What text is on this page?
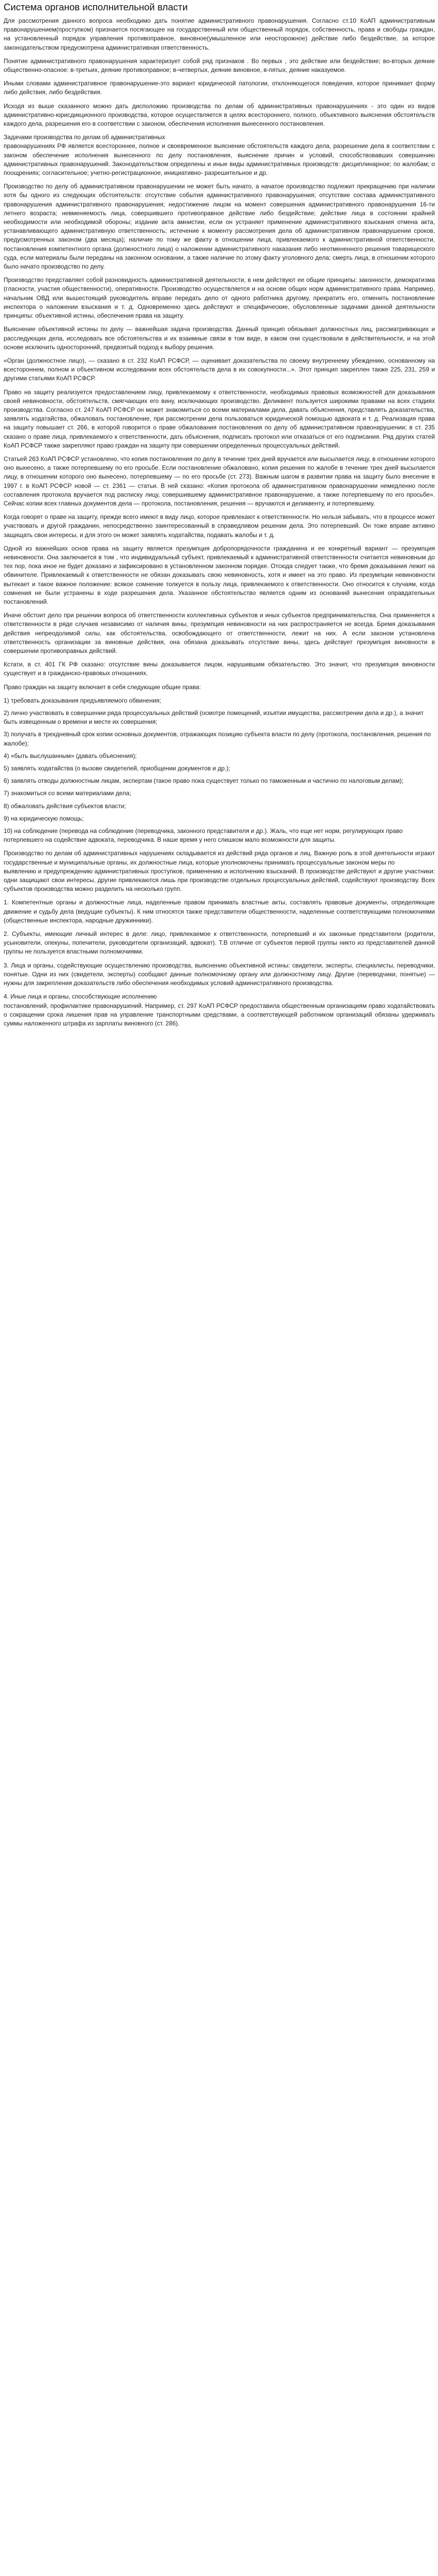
Система органов исполнительной власти

Для рассмотрения данного вопроса необходимо дать понятие административного правонарушения. Согласно ст.10 КоАП административным правонарушением(проступком) признается посягающее на государственный или общественный порядок, собственность, права и свободы граждан, на установленный порядок управления противоправное, виновное(умышленное или неосторожное) действие либо бездействие, за которое законодательством предусмотрена административная ответственность.

Понятие административного правонарушения характеризует собой ряд признаков . Во первых , это действие или бездействие; во-вторых деяние общественно-опасное: в-третьих, деяние противоправное; в-четвертых, деяние виновное, в-пятых, деяние наказуемое.

Иными словами административное правонарушение-это вариант юридической патологии, отклоняющегося поведения, которое принимает форму либо действия, либо бездействия.

Исходя из выше сказанного можно дать дисположию производства по делам об административных правонарушениях - это один из видов административно-юрисдикционного производства, которое осуществляется в целях всестороннего, полного, объективного выяснения обстоятельств каждого дела, разрешения его в соответствии с законом, обеспечения исполнения вынесенного постановления.

Задачами производства по делам об административных
правонарушениях РФ является всестороннее, полное и своевременное выяснение обстоятельств каждого дела, разрешение дела в соответствии с законом обеспечение исполнения вынесенного по делу постановления, выяснение причин и условий, способствовавших совершению административных правонарушений. Законодательством определены и иные виды административных производств: дисциплинарное; по жалобам; о поощрениях; согласительное; учетно-регистрационное, инициативно- разрешительное и др.

Производство по делу об административном правонарушении не может быть начато, а начатое производство подлежит прекращению при наличии хотя бы одного из следующих обстоятельств: отсутствие события административного правонарушения; отсутствие состава административного правонарушения административного правонарушения; недостижение лицом на момент совершения административного правонарушения 16-ти летнего возраста; невменяемость лица, совершившего противоправное действие либо бездействие; действие лица в состоянии крайней необходимости или необходимой обороны; издание акта амнистии, если он устраняет применение административного взыскания отмена акта, устанавливающего административную ответственность; истечение к моменту рассмотрения дела об административном правонарушении сроков, предусмотренных законом (два месяца); наличие по тому же факту в отношении лица, привлекаемого к административной ответственности, постановления компетентного органа (должностного лица) о наложении административного наказания либо неотмененного решения товарищеского суда, если материалы были переданы на законном основании, а также наличие по этому факту уголовного дела; смерть лица, в отношении которого было начато производство по делу.

Производство представляет собой разновидность административной деятельности, в нем действуют ее общие принципы: законности, демократизма (гласности, участия общественности), оперативности. Производство осуществляется и на основе общих норм административного права. Например, начальник ОВД или вышестоящий руководитель вправе передать дело от одного работника другому, прекратить его, отменить постановление инспектора о наложении взыскания и т. д. Одновременно здесь действуют и специфические, обусловленные задачами данной деятельности принципы: объективной истины, обеспечения права на защиту.

Выяснение объективной истины по делу — важнейшая задача производства. Данный принцип обязывает должностных лиц, рассматривающих и расследующих дела, исследовать все обстоятельства и их взаимные связи в том виде, в каком они существовали в действительности, и на этой основе исключить односторонний, предвзятый подход к выбору решения.

«Орган (должностное лицо), — сказано в ст. 232 КоАП РСФСР, — оценивает доказательства по своему внутреннему убеждению, основанному на всестороннем, полном и объективном исследовании всех обстоятельств дела в их совокупности...». Этот принцип закреплен также 225, 231, 259 и другими статьями КоАП РСФСР.

Право на защиту реализуется предоставлением лицу, привлекаемому к ответственности, необходимых правовых возможностей для доказывания своей невиновности, обстоятельств, смягчающих его вину, исключающих производство. Деликвент пользуется широкими правами на всех стадиях производства. Согласно ст. 247 КоАП РСФСР он может знакомиться со всеми материалами дела, давать объяснения, представлять доказательства, заявлять ходатайства, обжаловать постановление, при рассмотрении дела пользоваться юридической помощью адвоката и т. д. Реализация права на защиту повышает ст. 266, в которой говорится о праве обжалования постановления по делу об административном правонарушении; в ст. 235 сказано о праве лица, привлекаемого к ответственности, дать объяснения, подписать протокол или отказаться от его подписания. Ряд других статей КоАП РСФСР также закрепляют право граждан на защиту при совершении определенных процессуальных действий.

Статьей 263 КоАП РСФСР установлено, что копия постановления по делу в течение трех дней вручается или высылается лицу, в отношении которого оно вынесено, а также потерпевшему по его просьбе. Если постановление обжаловано, копия решения по жалобе в течение трех дней высылается лицу, в отношении которого оно вынесено, потерпевшему — по его просьбе (ст. 273). Важным шагом в развитии права на защиту было внесение в 1997 г. в КоАП РСФСР новой — ст. 2361 — статьи. В ней сказано: «Копия протокола об административном правонарушении немедленно после составления протокола вручается под расписку лицу, совершившему административное правонарушение, а также потерпевшему по его просьбе». Сейчас копии всех главных документов дела — протокола, постановления, решения — вручаются и деликвенту, и потерпевшему.

Когда говорят о праве на защиту, прежде всего имеют в виду лицо, которое привлекают к ответственности. Но нельзя забывать, что в процессе может участвовать и другой гражданин, непосредственно заинтересованный в справедливом решении дела. Это потерпевший. Он тоже вправе активно защищать свои интересы, и для этого он может заявлять ходатайства, подавать жалобы и т. д.

Одной из важнейших основ права на защиту является презумпция добропорядочности гражданина и ее конкретный вариант — презумпция невиновности. Она заключается в том , что индивидуальный субъект, привлекаемый к административной ответственности считается невиновным до тех пор, пока иное не будет доказано и зафиксировано в установленном законном порядке. Отсюда следует также, что бремя доказывания лежит на обвинителе. Привлекаемый к ответственности не обязан доказывать свою невиновность, хотя и имеет на это право. Из презумпции невиновности вытекает и такое важное положение: всякое сомнение толкуется в пользу лица, привлекаемого к ответственности. Оно относится к случаям, когда сомнения не были устранены в ходе разрешения дела. Указанное обстоятельство является одним из оснований вынесения оправдательных постановлений.

Иначе обстоит дело при решении вопроса об ответственности коллективных субъектов и иных субъектов предпринимательства. Она применяется к ответственности в ряде случаев независимо от наличия вины, презумпция невиновности на них распространяется не всегда. Бремя доказывания действия непреодолимой силы, как обстоятельства, освобождающего от ответственности, лежит на них. А если законом установлена ответственность организации за виновные действия, она обязана доказывать отсутствие вины, здесь действует презумпция виновности в совершении противоправных действий.

Кстати, в ст. 401 ГК РФ сказано: отсутствие вины доказывается лицом, нарушившим обязательство. Это значит, что презумпция виновности существует и в гражданско-правовых отношениях.

Право граждан на защиту включает в себя следующие общие права:

1) требовать доказывания предъявляемого обвинения;
2) лично участвовать в совершении ряда процессуальных действий (осмотре помещений, изъятии имущества, рассмотрении дела и др.), а значит быть извещенным о времени и месте их совершения;
3) получать в трехдневный срок копии основных документов, отражающих позицию субъекта власти по делу (протокола, постановления, решения по жалобе);
4) «быть выслушанным» (давать объяснения);
5) заявлять ходатайства (о вызове свидетелей, приобщении документов и др.);
6) заявлять отводы должностным лицам, экспертам (такое право пока существует только по таможенным и частично по налоговым делам);
7) знакомиться со всеми материалами дела;
8) обжаловать действия субъектов власти;
9) на юридическую помощь;
10) на соблюдение (перевода на соблюдение (переводчика, законного представителя и др.). Жаль, что еще нет норм, регулирующих право потерпевшего на содействие адвоката, переводчика. В наше время у него слишком мало возможности для защиты.

Производство по делам об административных нарушениях складывается из действий ряда органов и лиц. Важную роль в этой деятельности играют государственные и муниципальные органы, их должностные лица, которые уполномочены принимать процессуальные законом меры по
выявлению и предупреждению административных проступков, применению и исполнению взысканий. В производстве действуют и другие участники: одни защищают свои интересы, другие привлекаются лишь при производстве отдельных процессуальных действий, содействуют производству. Всех субъектов производства можно разделить на несколько групп.

1. Компетентные органы и должностные лица, наделенные правом принимать властные акты, составлять правовые документы, определяющие движение и судьбу дела (ведущие субъекты). К ним относятся также представители общественности, наделенные соответствующими полномочиями (общественные инспектора, народные дружинники).

2. Субъекты, имеющие личный интерес в деле: лицо, привлекаемое к ответственности, потерпевший и их законные представители (родители, усыновители, опекуны, попечители, руководители организаций, адвокат). Т.В отличие от субъектов первой группы никто из представителей данной группы не пользуется властными полномочиями.

3. Лица и органы, содействующие осуществлению производства, выяснению объективной истины: свидетели, эксперты, специалисты, переводчики, понятые. Одни из них (свидетели, эксперты) сообщают данные полномочному органу или должностному лицу. Другие (переводчики, понятые) — нужны для закрепления доказательств либо обеспечения необходимых условий административного производства.

4. Иные лица и органы, способствующие исполнению
постановлений, профилактике правонарушений. Например, ст. 297 КоАП РСФСР предоставила общественным организациям право ходатайствовать о сокращении срока лишения прав на управление транспортными средствами, а соответствующей работником организаций обязаны удерживать суммы наложенного штрафа из зарплаты виновного (ст. 286).
